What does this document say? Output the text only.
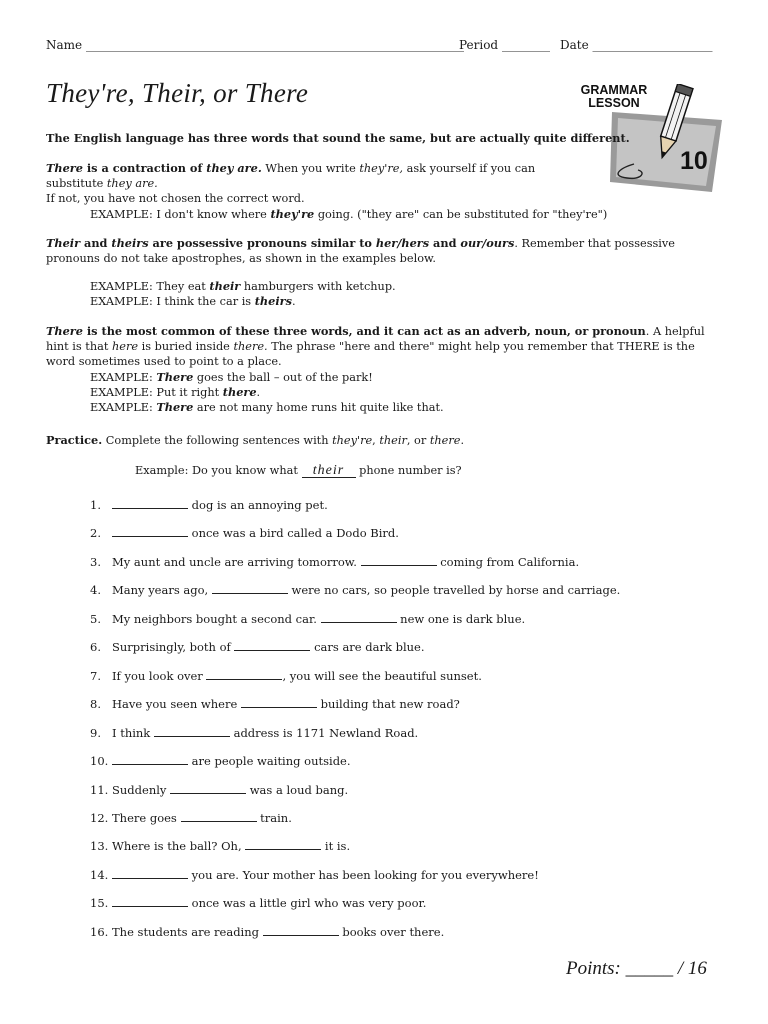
Name _______________________________________________________________
Period ________ Date ____________________
They're, Their, or There	GRAMMAR
LESSON
10
The English language has three words that sound the same, but are actually quite different.
There is a contraction of they are. When you write they're, ask yourself if you can substitute they are.
If not, you have not chosen the correct word.
EXAMPLE: I don't know where they're going. ("they are" can be substituted for "they're")
Their and theirs are possessive pronouns similar to her/hers and our/ours. Remember that possessive pronouns do not take apostrophes, as shown in the examples below.
EXAMPLE: They eat their hamburgers with ketchup.
EXAMPLE: I think the car is theirs.
There is the most common of these three words, and it can act as an adverb, noun, or pronoun. A helpful hint is that here is buried inside there. The phrase "here and there" might help you remember that THERE is the word sometimes used to point to a place.
EXAMPLE: There goes the ball – out of the park!
EXAMPLE: Put it right there.
EXAMPLE: There are not many home runs hit quite like that.
Practice. Complete the following sentences with they're, their, or there.
Example: Do you know what their phone number is?
1.	dog is an annoying pet.
2.	once was a bird called a Dodo Bird.
3. My aunt and uncle are arriving tomorrow.	coming from California.
4. Many years ago,	were no cars, so people travelled by horse and carriage.
5. My neighbors bought a second car.	new one is dark blue.
6. Surprisingly, both of	cars are dark blue.
7. If you look over	, you will see the beautiful sunset.
8. Have you seen where	building that new road?
9. I think	address is 1171 Newland Road.
10.	are people waiting outside.
11. Suddenly	was a loud bang.
12. There goes	train.
13. Where is the ball? Oh,	it is.
14.	you are. Your mother has been looking for you everywhere!
15.	once was a little girl who was very poor.
16. The students are reading	books over there.
Points: _____ / 16
